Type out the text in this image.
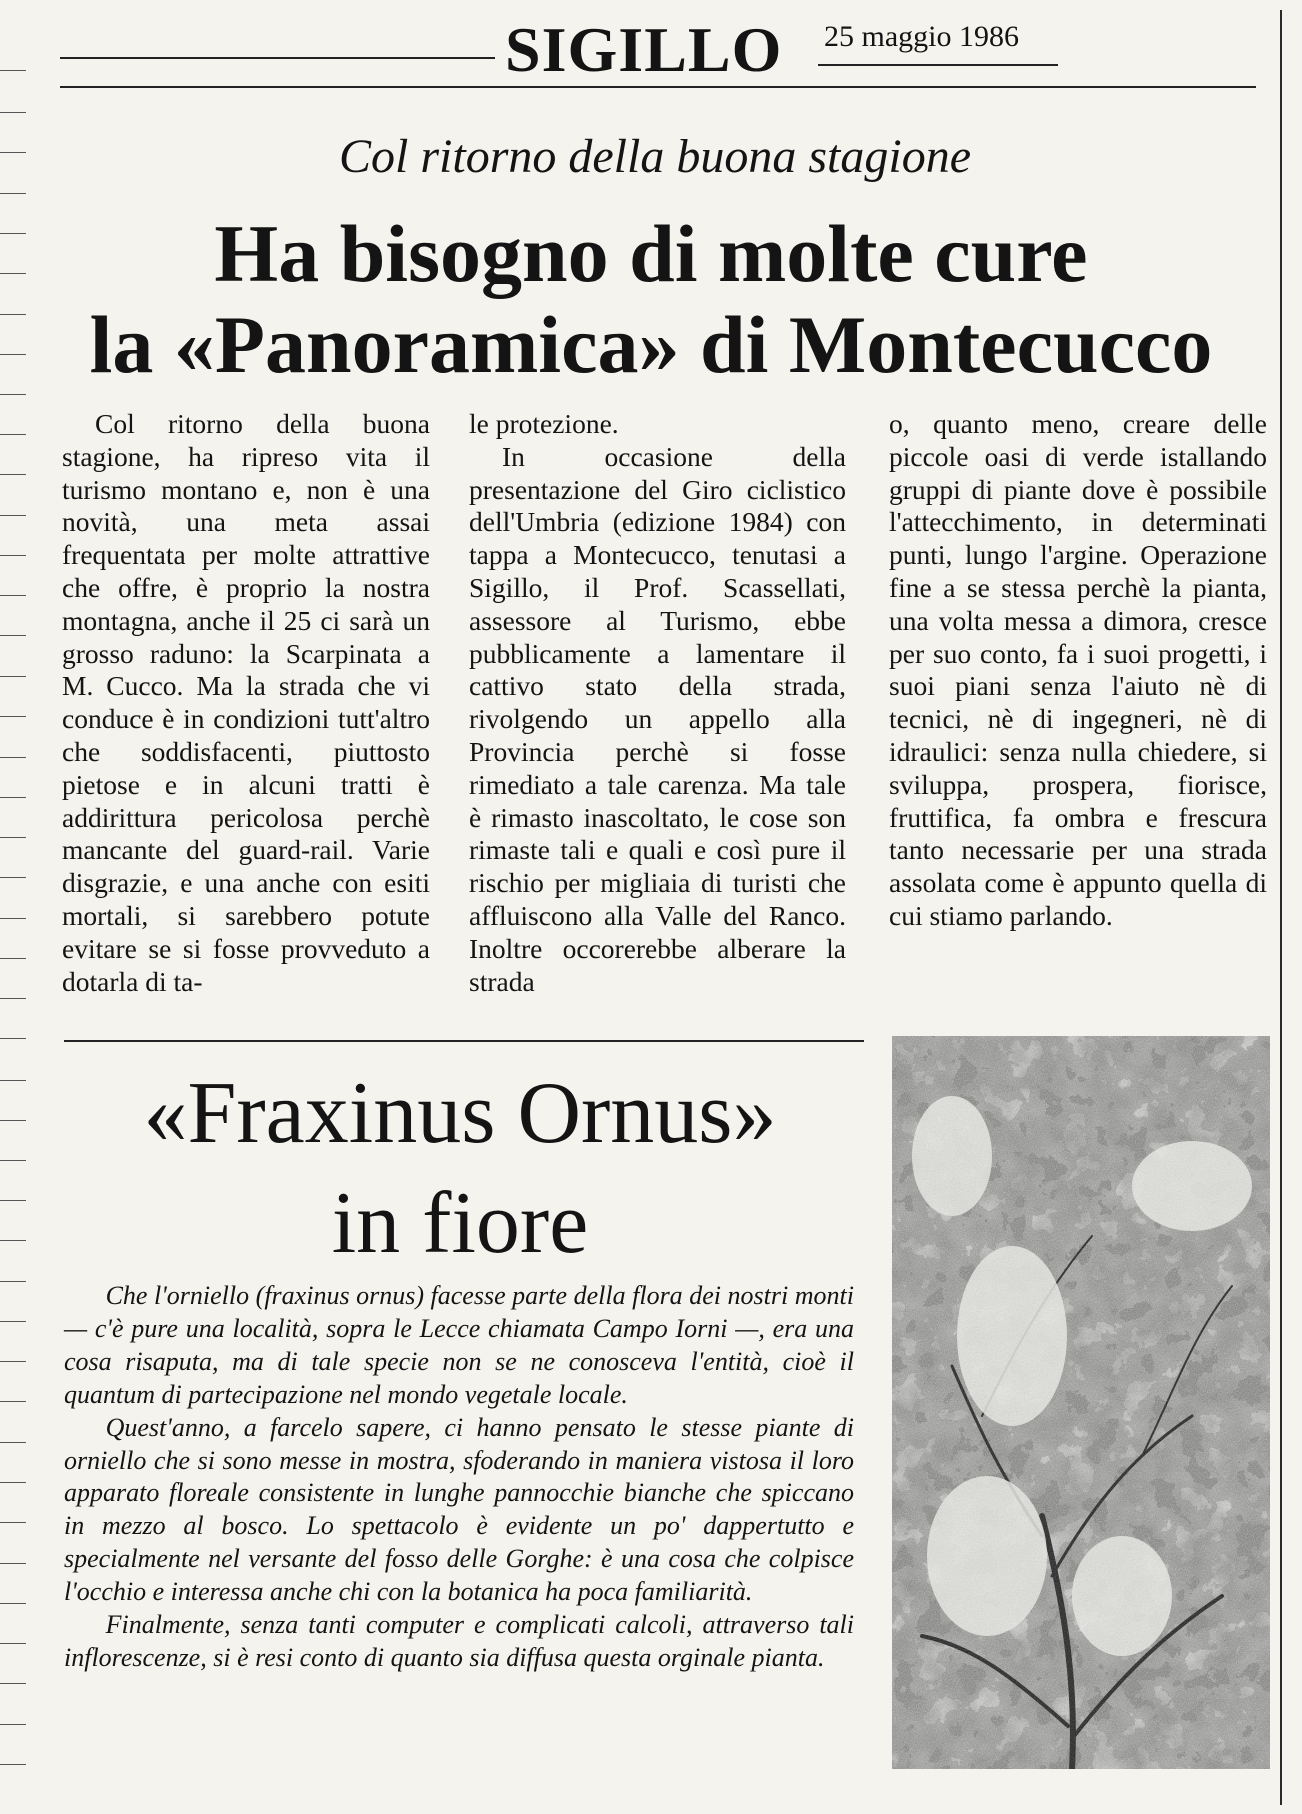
SIGILLO 25 maggio 1986
Col ritorno della buona stagione
Ha bisogno di molte cure
la «Panoramica» di Montecucco

Col ritorno della buona stagione, ha ripreso vita il turismo montano e, non è una novità, una meta assai frequentata per molte attrattive che offre, è proprio la nostra montagna, anche il 25 ci sarà un grosso raduno: la Scarpinata a M. Cucco. Ma la strada che vi conduce è in condizioni tutt'altro che soddisfacenti, piuttosto pietose e in alcuni tratti è addirittura pericolosa perchè mancante del guard-rail. Varie disgrazie, e una anche con esiti mortali, si sarebbero potute evitare se si fosse provveduto a dotarla di ta-

le protezione.

In occasione della presentazione del Giro ciclistico dell'Umbria (edizione 1984) con tappa a Montecucco, tenutasi a Sigillo, il Prof. Scassellati, assessore al Turismo, ebbe pubblicamente a lamentare il cattivo stato della strada, rivolgendo un appello alla Provincia perchè si fosse rimediato a tale carenza. Ma tale è rimasto inascoltato, le cose son rimaste tali e quali e così pure il rischio per migliaia di turisti che affluiscono alla Valle del Ranco. Inoltre occorerebbe alberare la strada

o, quanto meno, creare delle piccole oasi di verde istallando gruppi di piante dove è possibile l'attecchimento, in determinati punti, lungo l'argine. Operazione fine a se stessa perchè la pianta, una volta messa a dimora, cresce per suo conto, fa i suoi progetti, i suoi piani senza l'aiuto nè di tecnici, nè di ingegneri, nè di idraulici: senza nulla chiedere, si sviluppa, prospera, fiorisce, fruttifica, fa ombra e frescura tanto necessarie per una strada assolata come è appunto quella di cui stiamo parlando.

«Fraxinus Ornus»
in fiore

Che l'orniello (fraxinus ornus) facesse parte della flora dei nostri monti — c'è pure una località, sopra le Lecce chiamata Campo Iorni —, era una cosa risaputa, ma di tale specie non se ne conosceva l'entità, cioè il quantum di partecipazione nel mondo vegetale locale.

Quest'anno, a farcelo sapere, ci hanno pensato le stesse piante di orniello che si sono messe in mostra, sfoderando in maniera vistosa il loro apparato floreale consistente in lunghe pannocchie bianche che spiccano in mezzo al bosco. Lo spettacolo è evidente un po' dappertutto e specialmente nel versante del fosso delle Gorghe: è una cosa che colpisce l'occhio e interessa anche chi con la botanica ha poca familiarità.

Finalmente, senza tanti computer e complicati calcoli, attraverso tali inflorescenze, si è resi conto di quanto sia diffusa questa orginale pianta.
